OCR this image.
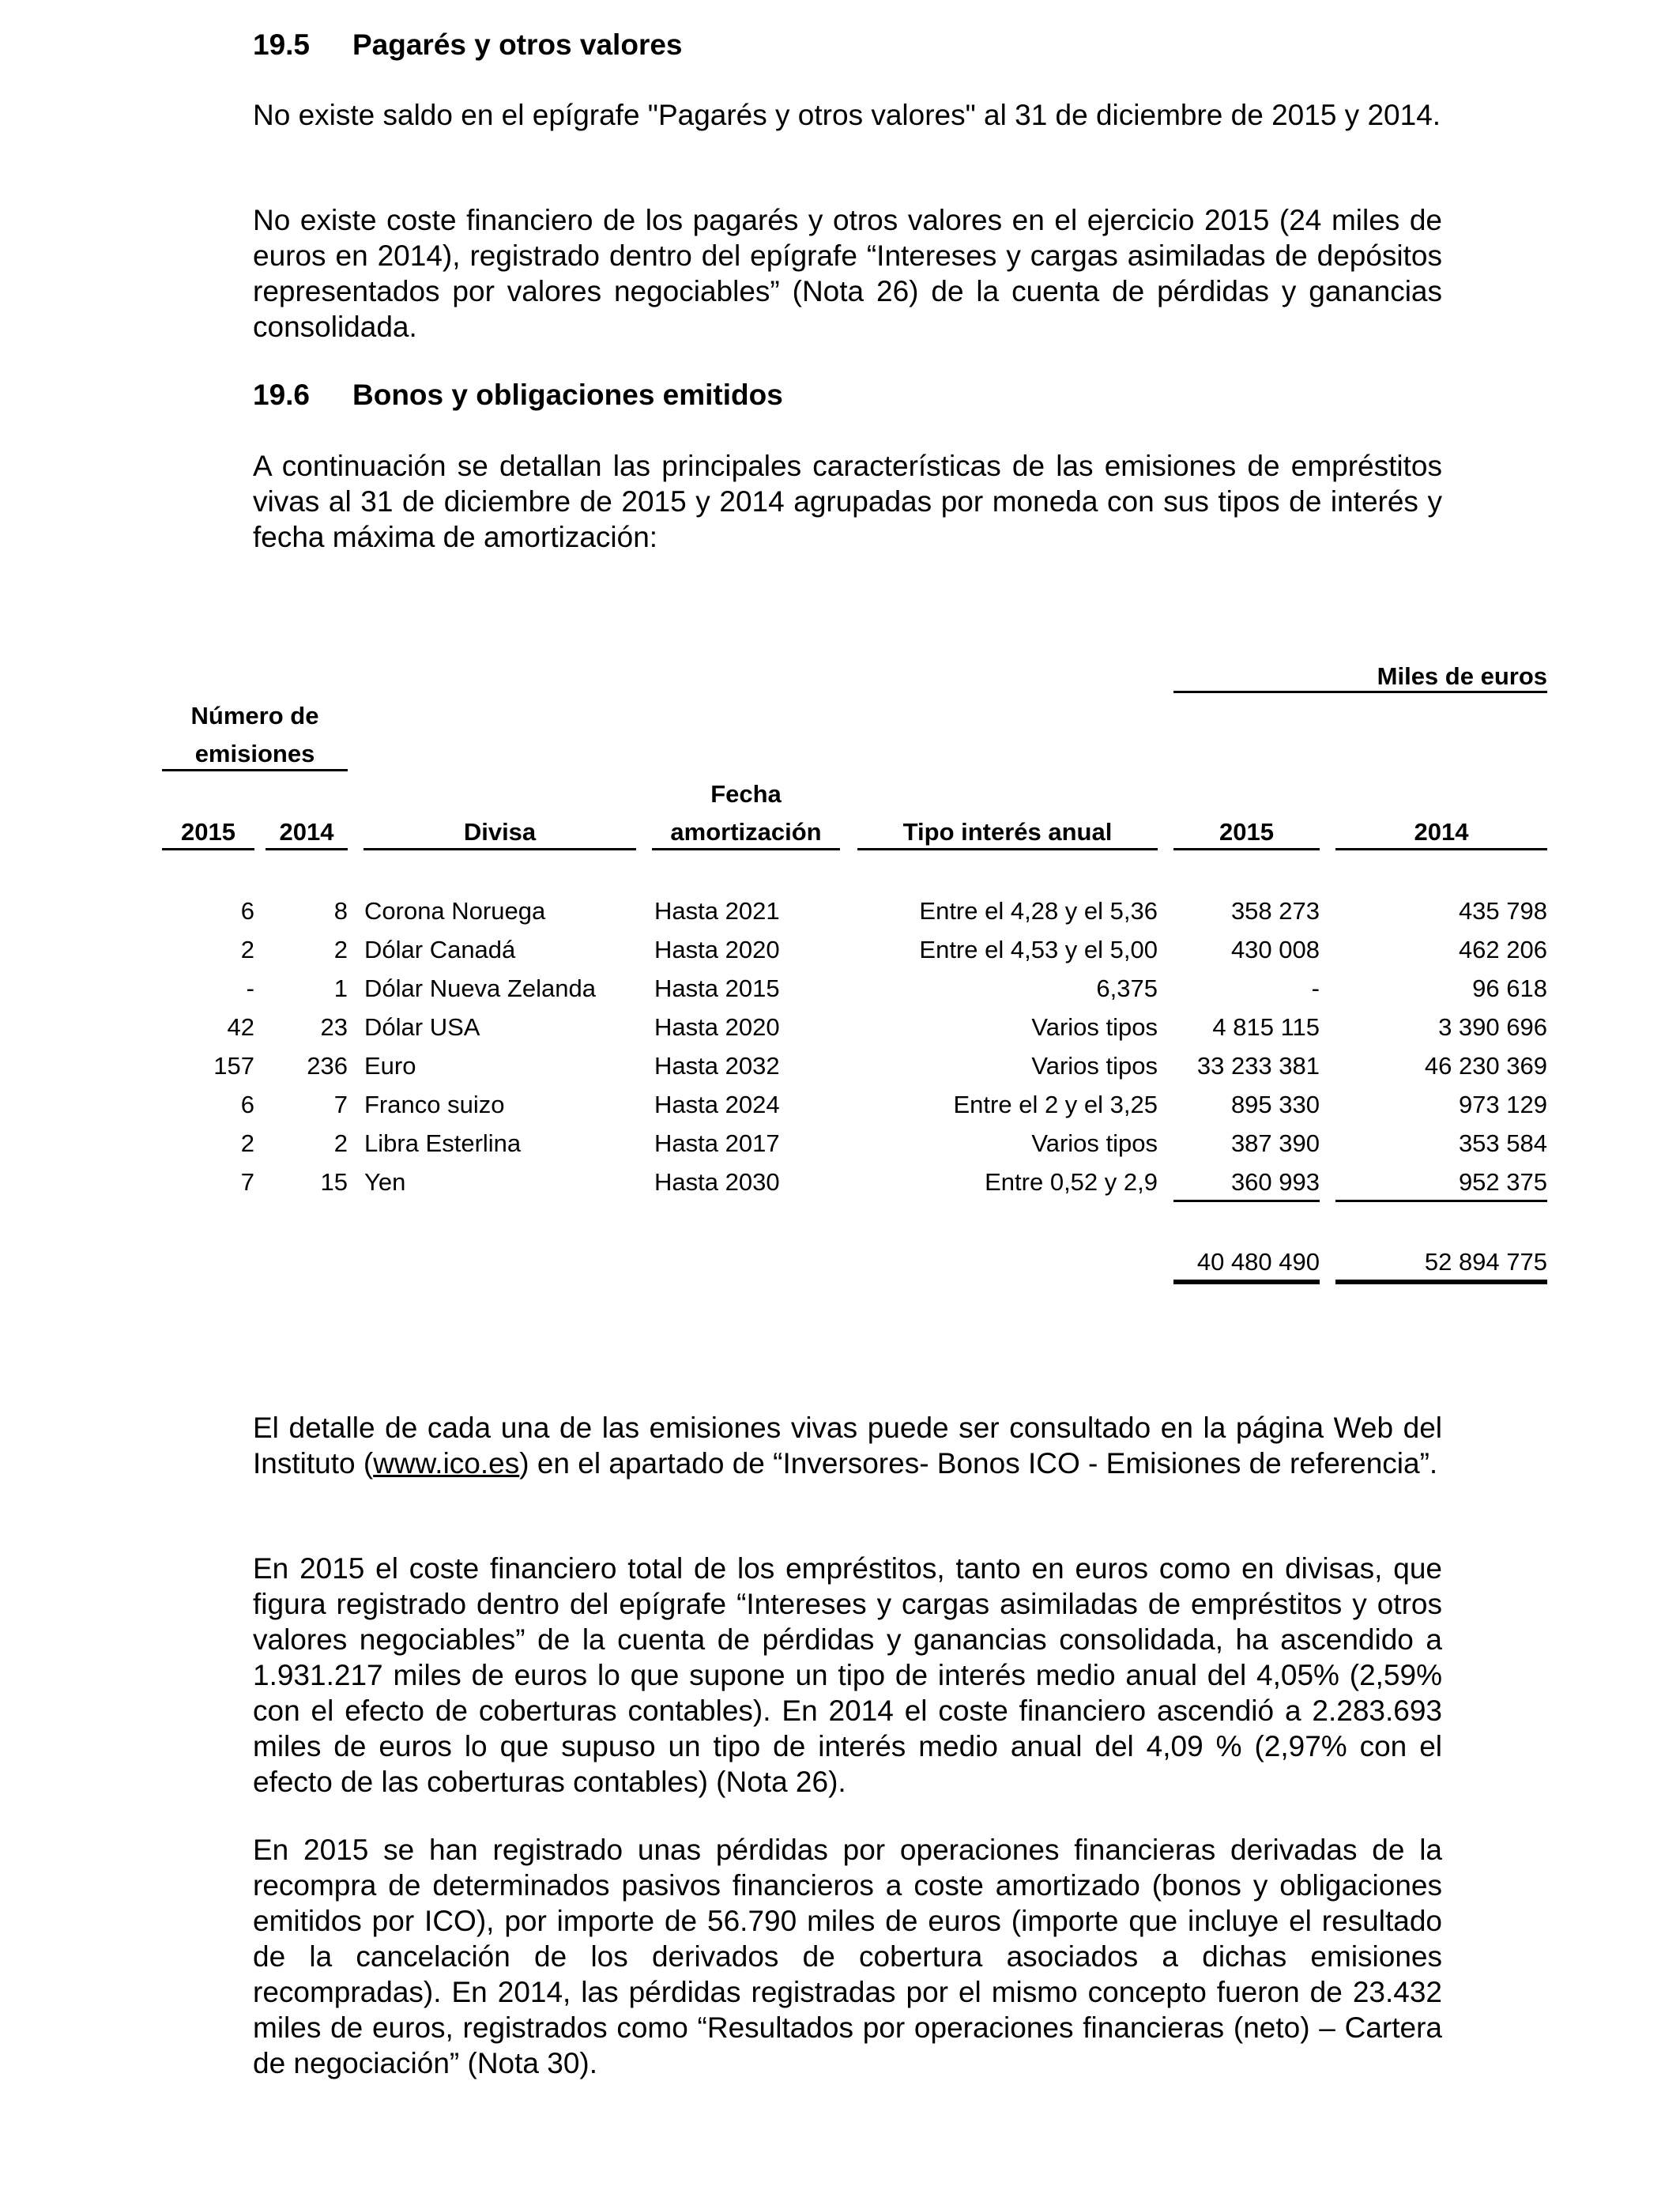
19.5 Pagarés y otros valores
No existe saldo en el epígrafe "Pagarés y otros valores" al 31 de diciembre de 2015 y 2014.
No existe coste financiero de los pagarés y otros valores en el ejercicio 2015 (24 miles de euros en 2014), registrado dentro del epígrafe “Intereses y cargas asimiladas de depósitos representados por valores negociables” (Nota 26) de la cuenta de pérdidas y ganancias consolidada.
19.6 Bonos y obligaciones emitidos
A continuación se detallan las principales características de las emisiones de empréstitos vivas al 31 de diciembre de 2015 y 2014 agrupadas por moneda con sus tipos de interés y fecha máxima de amortización:
Miles de euros
Número de
emisiones
Fecha
2015	2014	Divisa	amortización	Tipo interés anual	2015	2014
6	8 Corona Noruega	Hasta 2021	Entre el 4,28 y el 5,36	358 273	435 798
2	2 Dólar Canadá	Hasta 2020	Entre el 4,53 y el 5,00	430 008	462 206
-	1 Dólar Nueva Zelanda Hasta 2015	6,375	-	96 618
42	23 Dólar USA	Hasta 2020	Varios tipos	4 815 115	3 390 696
157	236 Euro	Hasta 2032	Varios tipos	33 233 381	46 230 369
6	7 Franco suizo	Hasta 2024	Entre el 2 y el 3,25	895 330	973 129
2	2 Libra Esterlina	Hasta 2017	Varios tipos	387 390	353 584
7	15 Yen	Hasta 2030	Entre 0,52 y 2,9	360 993	952 375
40 480 490	52 894 775
El detalle de cada una de las emisiones vivas puede ser consultado en la página Web del Instituto (www.ico.es) en el apartado de “Inversores- Bonos ICO - Emisiones de referencia”.
En 2015 el coste financiero total de los empréstitos, tanto en euros como en divisas, que figura registrado dentro del epígrafe “Intereses y cargas asimiladas de empréstitos y otros valores negociables” de la cuenta de pérdidas y ganancias consolidada, ha ascendido a 1.931.217 miles de euros lo que supone un tipo de interés medio anual del 4,05% (2,59% con el efecto de coberturas contables). En 2014 el coste financiero ascendió a 2.283.693 miles de euros lo que supuso un tipo de interés medio anual del 4,09 % (2,97% con el efecto de las coberturas contables) (Nota 26).
En 2015 se han registrado unas pérdidas por operaciones financieras derivadas de la recompra de determinados pasivos financieros a coste amortizado (bonos y obligaciones emitidos por ICO), por importe de 56.790 miles de euros (importe que incluye el resultado de la cancelación de los derivados de cobertura asociados a dichas emisiones recompradas). En 2014, las pérdidas registradas por el mismo concepto fueron de 23.432 miles de euros, registrados como “Resultados por operaciones financieras (neto) – Cartera de negociación” (Nota 30).
